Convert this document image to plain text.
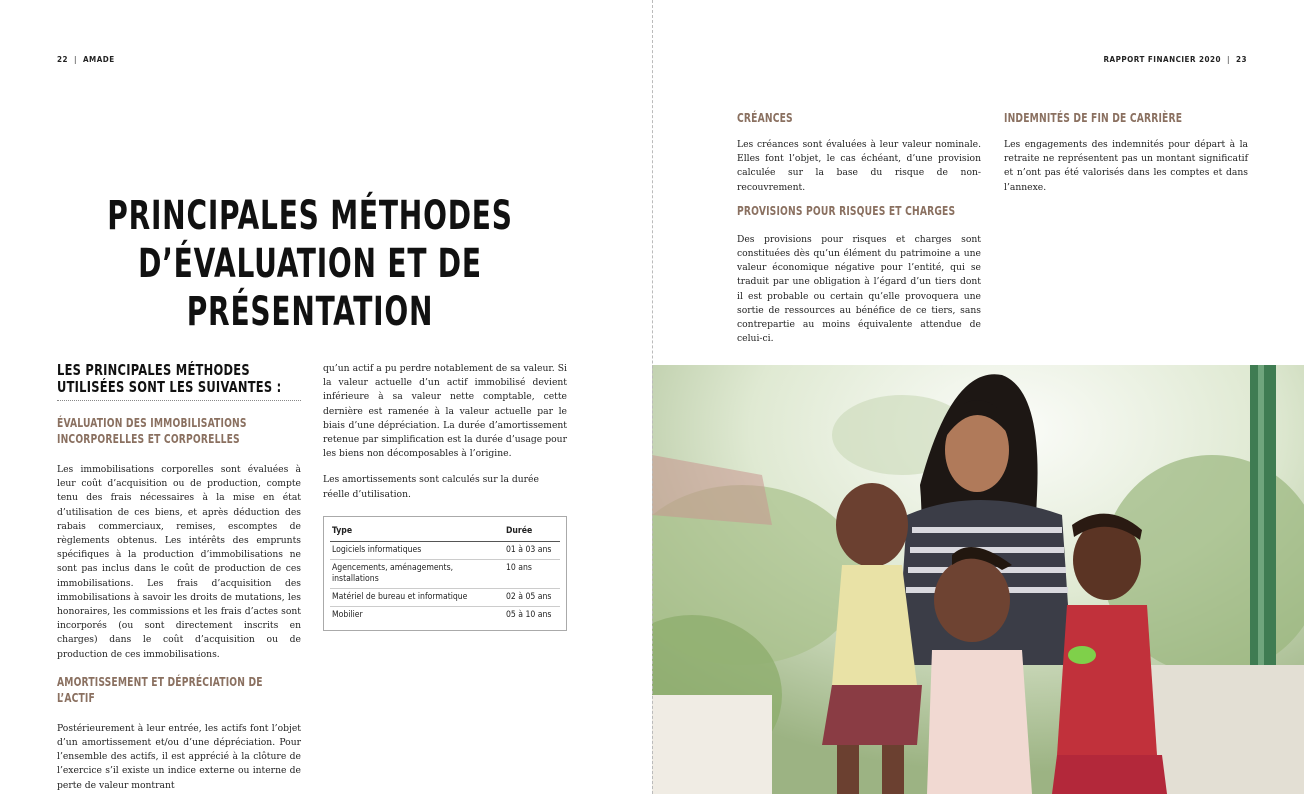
22 | AMADE	RAPPORT FINANCIER 2020 | 23
PRINCIPALES MÉTHODES
D’ÉVALUATION ET DE PRÉSENTATION
LES PRINCIPALES MÉTHODES
UTILISÉES SONT LES SUIVANTES :
ÉVALUATION DES IMMOBILISATIONS
INCORPORELLES ET CORPORELLES

Les immobilisations corporelles sont évaluées à leur coût d’acquisition ou de production, compte tenu des frais nécessaires à la mise en état d’utilisation de ces biens, et après déduction des rabais commerciaux, remises, escomptes de règlements obtenus. Les intérêts des emprunts spécifiques à la production d’immobilisations ne sont pas inclus dans le coût de production de ces immobilisations. Les frais d’acquisition des immobilisations à savoir les droits de mutations, les honoraires, les commissions et les frais d’actes sont incorporés (ou sont directement inscrits en charges) dans le coût d’acquisition ou de production de ces immobilisations.

AMORTISSEMENT ET DÉPRÉCIATION DE L’ACTIF

Postérieurement à leur entrée, les actifs font l’objet d’un amortissement et/ou d’une dépréciation. Pour l’ensemble des actifs, il est apprécié à la clôture de l’exercice s’il existe un indice externe ou interne de perte de valeur montrant

qu’un actif a pu perdre notablement de sa valeur. Si la valeur actuelle d’un actif immobilisé devient inférieure à sa valeur nette comptable, cette dernière est ramenée à la valeur actuelle par le biais d’une dépréciation. La durée d’amortissement retenue par simplification est la durée d’usage pour les biens non décomposables à l’origine.

Les amortissements sont calculés sur la durée réelle d’utilisation.

Type	Durée
Logiciels informatiques	01 à 03 ans
Agencements, aménagements, installations	10 ans
Matériel de bureau et informatique	02 à 05 ans
Mobilier	05 à 10 ans
CRÉANCES

Les créances sont évaluées à leur valeur nominale. Elles font l’objet, le cas échéant, d’une provision calculée sur la base du risque de non-recouvrement.

PROVISIONS POUR RISQUES ET CHARGES

Des provisions pour risques et charges sont constituées dès qu’un élément du patrimoine a une valeur économique négative pour l’entité, qui se traduit par une obligation à l’égard d’un tiers dont il est probable ou certain qu’elle provoquera une sortie de ressources au bénéfice de ce tiers, sans contrepartie au moins équivalente attendue de celui-ci.

INDEMNITÉS DE FIN DE CARRIÈRE

Les engagements des indemnités pour départ à la retraite ne représentent pas un montant significatif et n’ont pas été valorisés dans les comptes et dans l’annexe.
